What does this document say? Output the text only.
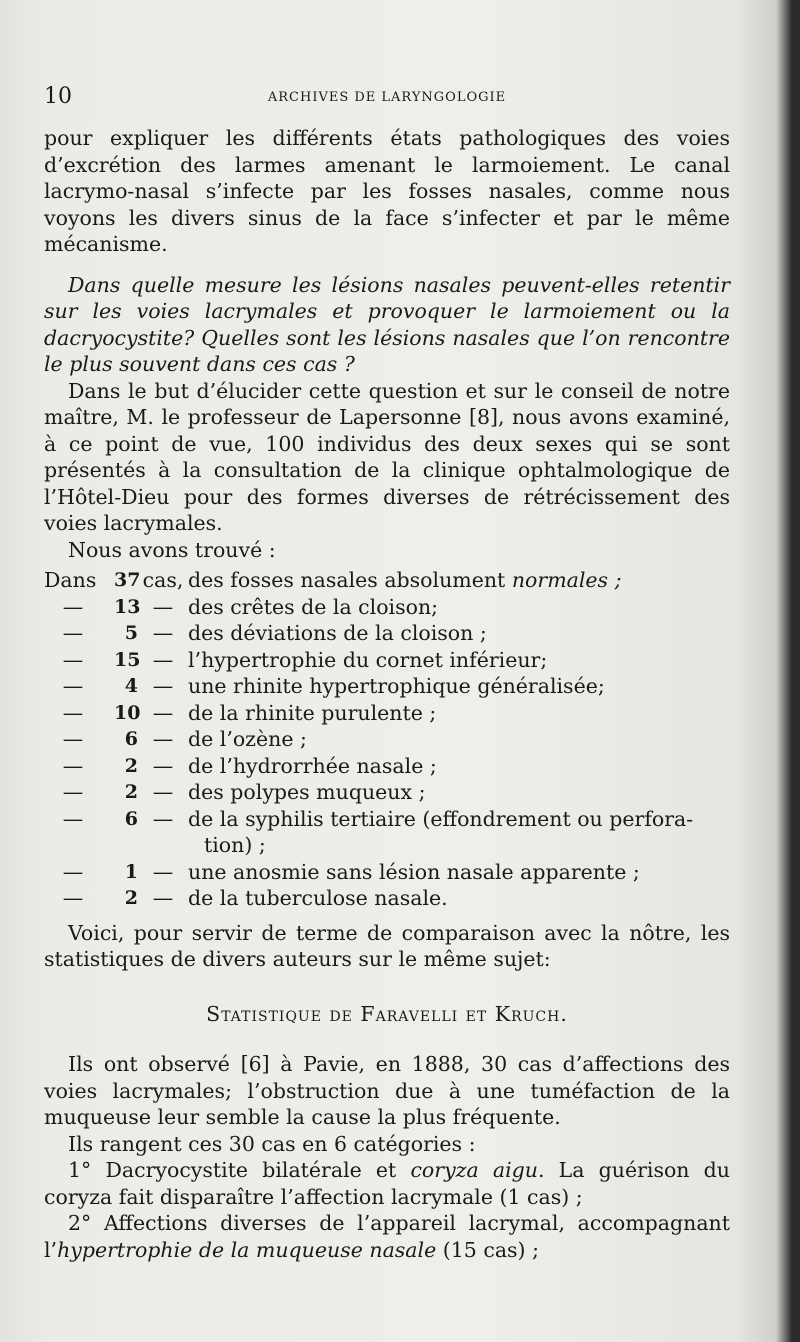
10	ARCHIVES DE LARYNGOLOGIE

pour expliquer les différents états pathologiques des voies d’excrétion des larmes amenant le larmoiement. Le canal lacrymo-nasal s’infecte par les fosses nasales, comme nous voyons les divers sinus de la face s’infecter et par le même mécanisme.

Dans quelle mesure les lésions nasales peuvent-elles retentir sur les voies lacrymales et provoquer le larmoiement ou la dacryocystite? Quelles sont les lésions nasales que l’on rencontre le plus souvent dans ces cas ?

Dans le but d’élucider cette question et sur le conseil de notre maître, M. le professeur de Lapersonne [8], nous avons examiné, à ce point de vue, 100 individus des deux sexes qui se sont présentés à la consultation de la clinique ophtalmologique de l’Hôtel-Dieu pour des formes diverses de rétrécissement des voies lacrymales.

Nous avons trouvé :

Dans 37 cas, des fosses nasales absolument normales ;
—	13 — des crêtes de la cloison;
—	5 — des déviations de la cloison ;
—	15 — l’hypertrophie du cornet inférieur;
—	4 — une rhinite hypertrophique généralisée;
—	10 — de la rhinite purulente ;
—	6 — de l’ozène ;
—	2 — de l’hydrorrhée nasale ;
—	2 — des polypes muqueux ;
—	6 — de la syphilis tertiaire (effondrement ou perfora-
tion) ;
—	1 — une anosmie sans lésion nasale apparente ;
—	2 — de la tuberculose nasale.

Voici, pour servir de terme de comparaison avec la nôtre, les statistiques de divers auteurs sur le même sujet:

Statistique de Faravelli et Kruch.

Ils ont observé [6] à Pavie, en 1888, 30 cas d’affections des voies lacrymales; l’obstruction due à une tuméfaction de la muqueuse leur semble la cause la plus fréquente.

Ils rangent ces 30 cas en 6 catégories :

1° Dacryocystite bilatérale et coryza aigu. La guérison du coryza fait disparaître l’affection lacrymale (1 cas) ;

2° Affections diverses de l’appareil lacrymal, accompagnant l’hypertrophie de la muqueuse nasale (15 cas) ;
